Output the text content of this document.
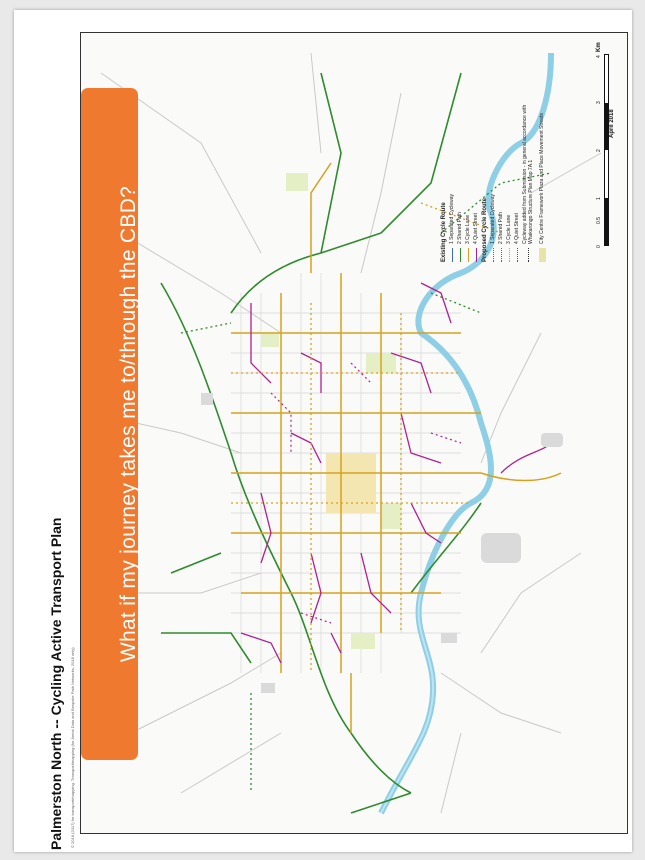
Existing Cycle Route 1 Separated Cycleway 2 Shared Path 3 Cycle Lane 4 Quiet Street Proposed Cycle Route 1 Separated Cycleway 2 Shared Path 3 Cycle Lane 4 Quiet Street Cycleway added from Submission - in general accordance with Whakarongo Structure Plan Map 7A.1 City Centre Framework Plaza and Place Movement Streets
0
0.5
1
2
3
4
Km
April 2018
Palmerston North -- Cycling Active Transport Plan © 2018 (2017) for transport/mapping. Transport/mapping (for Aerial Data and Bespoke Path Networks, 2018 only)
What if my journey takes me to/through the CBD?
